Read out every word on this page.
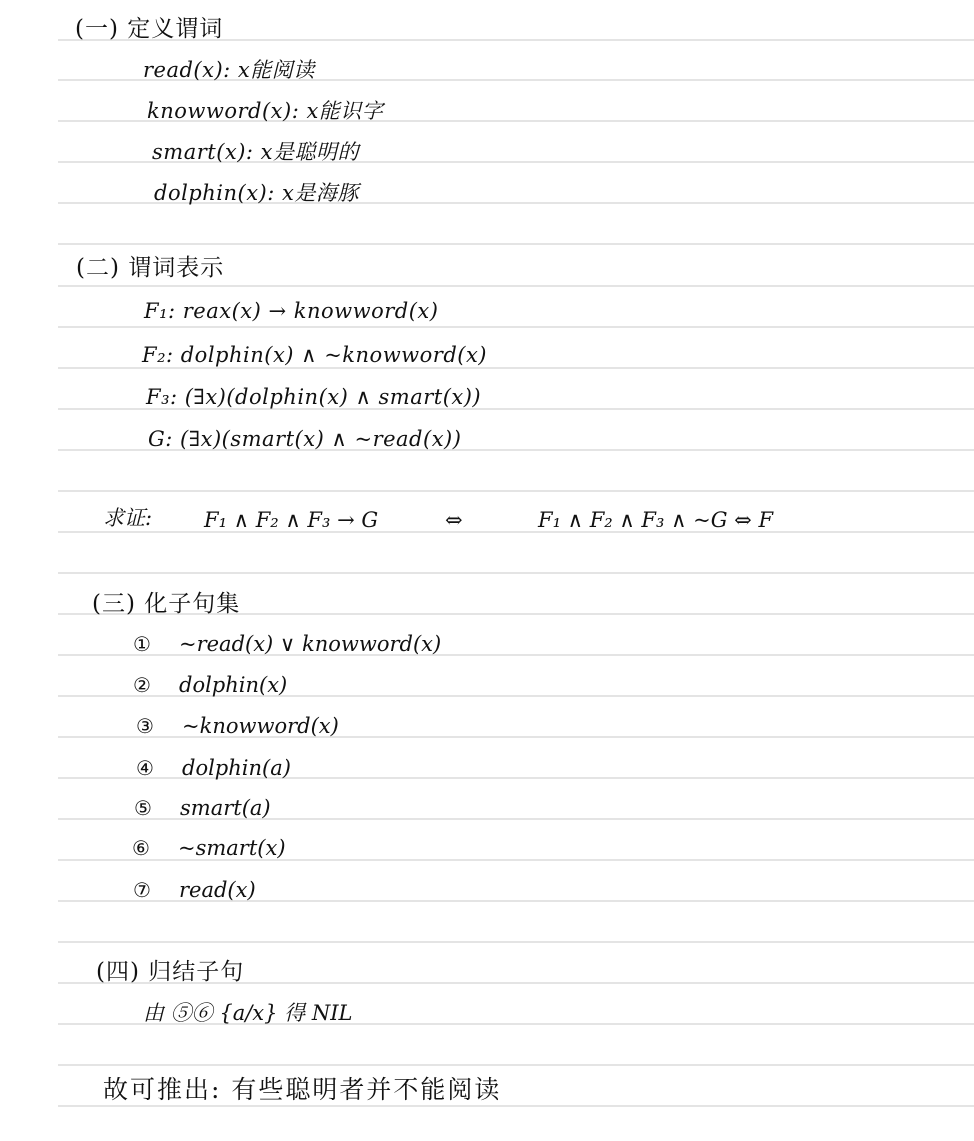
(一) 定义谓词
read(x): x能阅读
knowword(x): x能识字
smart(x): x是聪明的
dolphin(x): x是海豚
(二) 谓词表示
F₁: reax(x) → knowword(x)
F₂: dolphin(x) ∧ ~knowword(x)
F₃: (∃x)(dolphin(x) ∧ smart(x))
G: (∃x)(smart(x) ∧ ~read(x))
求证: F₁ ∧ F₂ ∧ F₃ → G	⇔	F₁ ∧ F₂ ∧ F₃ ∧ ~G ⇔ F
(三) 化子句集
① ~read(x) ∨ knowword(x)
② dolphin(x)
③ ~knowword(x)
④ dolphin(a)
⑤ smart(a)
⑥ ~smart(x)
⑦ read(x)
(四) 归结子句
由 ⑤⑥ {a/x} 得 NIL
故可推出: 有些聪明者并不能阅读
